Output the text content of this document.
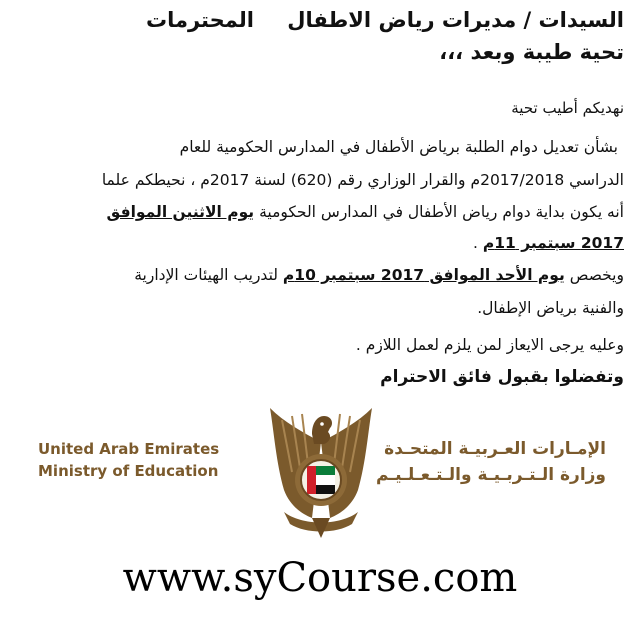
السيدات / مديرات رياض الاطفال
المحترمات
تحية طيبة وبعد ،،،
نهديكم أطيب تحية
بشأن تعديل دوام الطلبة برياض الأطفال في المدارس الحكومية للعام
الدراسي 2017/2018م والقرار الوزاري رقم (620) لسنة 2017م ، نحيطكم علما
أنه يكون بداية دوام رياض الأطفال في المدارس الحكومية يوم الاثنين الموافق
2017 سبتمبر 11م .
ويخصص يوم الأحد الموافق 2017 سبتمبر 10م لتدريب الهيئات الإدارية
والفنية برياض الإطفال.
وعليه يرجى الايعاز لمن يلزم لعمل اللازم .
وتفضلوا بقبول فائق الاحترام
United Arab Emirates
Ministry of Education
الإمـارات العـربيـة المتحـدة
وزارة الـتـربـيـة والـتـعـلـيـم
www.syCourse.com
